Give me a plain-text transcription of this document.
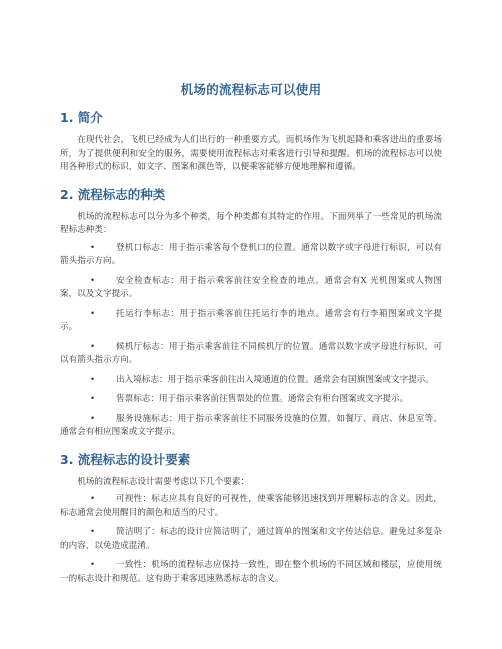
机场的流程标志可以使用
1. 简介

在现代社会，飞机已经成为人们出行的一种重要方式。而机场作为飞机起降和乘客进出的重要场所，为了提供便利和安全的服务，需要使用流程标志对乘客进行引导和提醒。机场的流程标志可以使用各种形式的标识，如文字、图案和颜色等，以便乘客能够方便地理解和遵循。

2. 流程标志的种类

机场的流程标志可以分为多个种类，每个种类都有其特定的作用。下面列举了一些常见的机场流程标志种类：

• 登机口标志：用于指示乘客每个登机口的位置。通常以数字或字母进行标识，可以有箭头指示方向。
• 安全检查标志：用于指示乘客前往安全检查的地点。通常会有X 光机图案或人物图案，以及文字提示。
• 托运行李标志：用于指示乘客前往托运行李的地点。通常会有行李箱图案或文字提示。
• 候机厅标志：用于指示乘客前往不同候机厅的位置。通常以数字或字母进行标识，可以有箭头指示方向。
• 出入境标志：用于指示乘客前往出入境通道的位置。通常会有国旗图案或文字提示。
• 售票标志：用于指示乘客前往售票处的位置。通常会有柜台图案或文字提示。
• 服务设施标志：用于指示乘客前往不同服务设施的位置，如餐厅、商店、休息室等。通常会有相应图案或文字提示。
3. 流程标志的设计要素

机场的流程标志设计需要考虑以下几个要素：

• 可视性：标志应具有良好的可视性，使乘客能够迅速找到并理解标志的含义。因此，标志通常会使用醒目的颜色和适当的尺寸。
• 简洁明了：标志的设计应简洁明了，通过简单的图案和文字传达信息。避免过多复杂的内容，以免造成混淆。
• 一致性：机场的流程标志应保持一致性，即在整个机场的不同区域和楼层，应使用统一的标志设计和规范。这有助于乘客迅速熟悉标志的含义。
